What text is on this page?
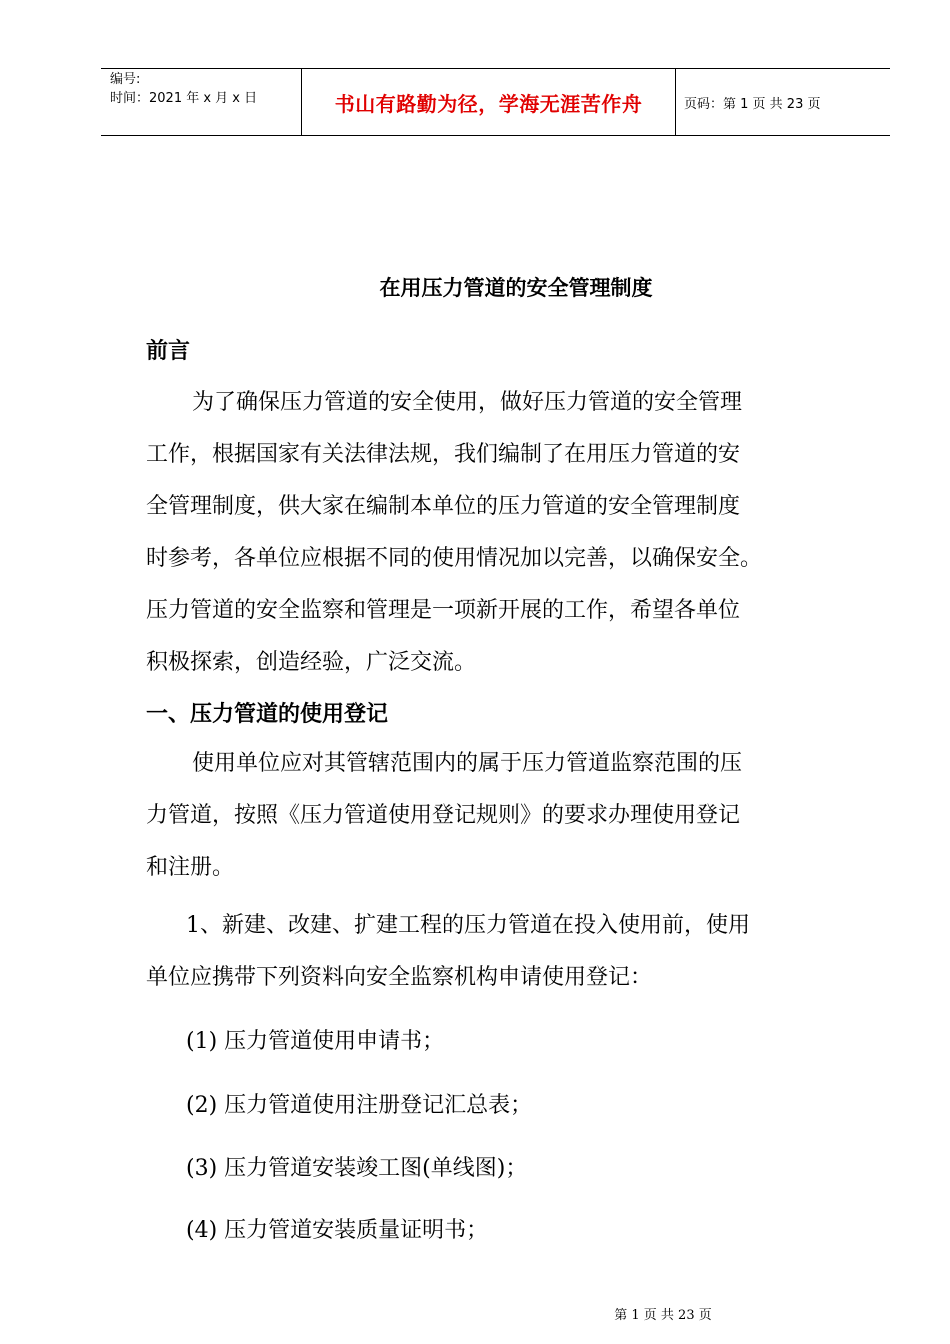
编号:
时间：2021 年 x 月 x 日	书山有路勤为径，学海无涯苦作舟	页码：第 1 页 共 23 页
在用压力管道的安全管理制度
前言
为了确保压力管道的安全使用，做好压力管道的安全管理
工作，根据国家有关法律法规，我们编制了在用压力管道的安
全管理制度，供大家在编制本单位的压力管道的安全管理制度
时参考，各单位应根据不同的使用情况加以完善，以确保安全。
压力管道的安全监察和管理是一项新开展的工作，希望各单位
积极探索，创造经验，广泛交流。
一、压力管道的使用登记
使用单位应对其管辖范围内的属于压力管道监察范围的压
力管道，按照《压力管道使用登记规则》的要求办理使用登记
和注册。
1、新建、改建、扩建工程的压力管道在投入使用前，使用
单位应携带下列资料向安全监察机构申请使用登记：
(1) 压力管道使用申请书；
(2) 压力管道使用注册登记汇总表；
(3) 压力管道安装竣工图(单线图)；
(4) 压力管道安装质量证明书；
第 1 页 共 23 页
